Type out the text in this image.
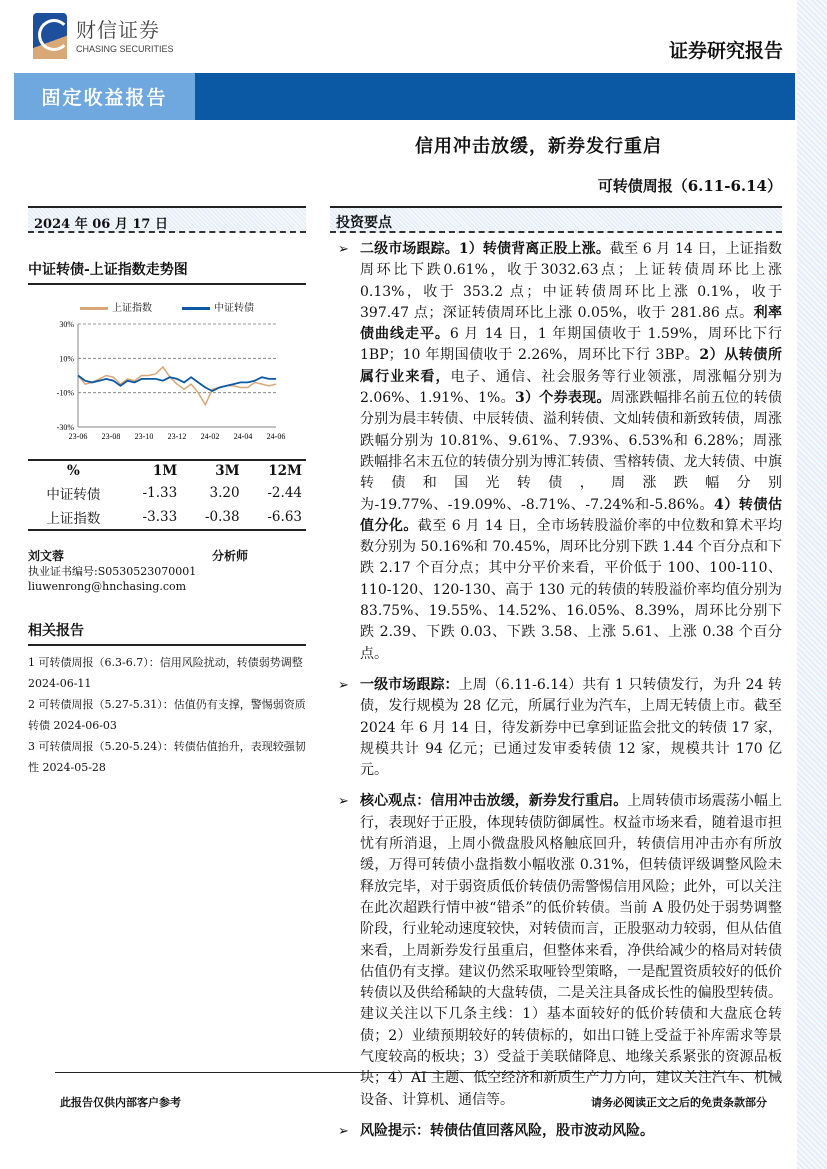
财信证券
CHASING SECURITIES	证券研究报告
固定收益报告
信用冲击放缓，新券发行重启
可转债周报（6.11-6.14）
2024 年 06 月 17 日
中证转债-上证指数走势图
上证指数	中证转债
30%
10%
-10%
-30%
23-06 23-08 23-10 23-12 24-02 24-04 24-06
%	1M	3M	12M
中证转债	-1.33	3.20	-2.44
上证指数	-3.33	-0.38	-6.63
刘文蓉	分析师
执业证书编号:S0530523070001
liuwenrong@hnchasing.com
相关报告
1 可转债周报（6.3-6.7）：信用风险扰动，转债弱势调整 2024-06-11
2 可转债周报（5.27-5.31）：估值仍有支撑，警惕弱资质转债 2024-06-03
3 可转债周报（5.20-5.24）：转债估值抬升，表现较强韧性 2024-05-28
投资要点
➢ 二级市场跟踪。1）转债背离正股上涨。截至 6 月 14 日，上证指数周环比下跌0.61%，收于3032.63点；上证转债周环比上涨0.13%，收于 353.2 点；中证转债周环比上涨 0.1%，收于 397.47 点；深证转债周环比上涨 0.05%，收于 281.86 点。利率债曲线走平。6 月 14 日，1 年期国债收于 1.59%，周环比下行 1BP；10 年期国债收于 2.26%，周环比下行 3BP。2）从转债所属行业来看，电子、通信、社会服务等行业领涨，周涨幅分别为 2.06%、1.91%、1%。3）个券表现。周涨跌幅排名前五位的转债分别为晨丰转债、中辰转债、溢利转债、文灿转债和新致转债，周涨跌幅分别为 10.81%、9.61%、7.93%、6.53%和 6.28%；周涨跌幅排名末五位的转债分别为博汇转债、雪榕转债、龙大转债、中旗转债和国光转债，周涨跌幅分别为-19.77%、-19.09%、-8.71%、-7.24%和-5.86%。4）转债估值分化。截至 6 月 14 日，全市场转股溢价率的中位数和算术平均数分别为 50.16%和 70.45%，周环比分别下跌 1.44 个百分点和下跌 2.17 个百分点；其中分平价来看，平价低于 100、100-110、110-120、120-130、高于 130 元的转债的转股溢价率均值分别为 83.75%、19.55%、14.52%、16.05%、8.39%，周环比分别下跌 2.39、下跌 0.03、下跌 3.58、上涨 5.61、上涨 0.38 个百分点。
➢ 一级市场跟踪：上周（6.11-6.14）共有 1 只转债发行，为升 24 转债，发行规模为 28 亿元，所属行业为汽车，上周无转债上市。截至 2024 年 6 月 14 日，待发新券中已拿到证监会批文的转债 17 家，规模共计 94 亿元；已通过发审委转债 12 家，规模共计 170 亿元。
➢ 核心观点：信用冲击放缓，新券发行重启。上周转债市场震荡小幅上行，表现好于正股，体现转债防御属性。权益市场来看，随着退市担忧有所消退，上周小微盘股风格触底回升，转债信用冲击亦有所放缓，万得可转债小盘指数小幅收涨 0.31%，但转债评级调整风险未释放完毕，对于弱资质低价转债仍需警惕信用风险；此外，可以关注在此次超跌行情中被“错杀”的低价转债。当前 A 股仍处于弱势调整阶段，行业轮动速度较快，对转债而言，正股驱动力较弱，但从估值来看，上周新券发行虽重启，但整体来看，净供给减少的格局对转债估值仍有支撑。建议仍然采取哑铃型策略，一是配置资质较好的低价转债以及供给稀缺的大盘转债，二是关注具备成长性的偏股型转债。建议关注以下几条主线：1）基本面较好的低价转债和大盘底仓转债；2）业绩预期较好的转债标的，如出口链上受益于补库需求等景气度较高的板块；3）受益于美联储降息、地缘关系紧张的资源品板块；4）AI 主题、低空经济和新质生产力方向，建议关注汽车、机械设备、计算机、通信等。
➢ 风险提示：转债估值回落风险，股市波动风险。
此报告仅供内部客户参考	请务必阅读正文之后的免责条款部分
